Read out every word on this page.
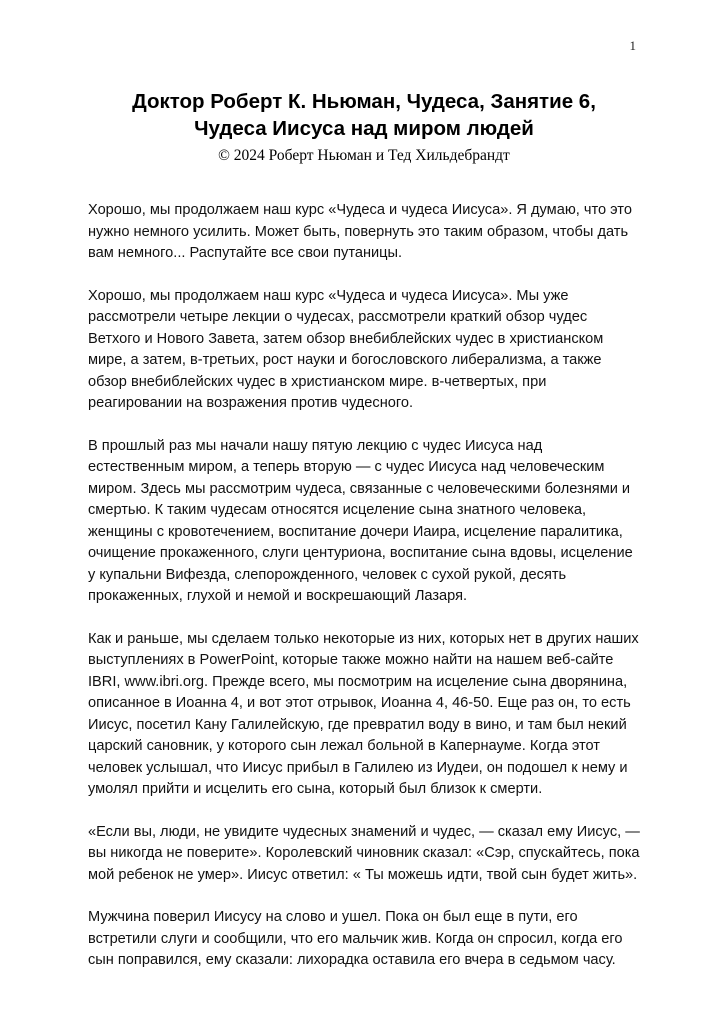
1
Доктор Роберт К. Ньюман, Чудеса, Занятие 6,
Чудеса Иисуса над миром людей
© 2024 Роберт Ньюман и Тед Хильдебрандт

Хорошо, мы продолжаем наш курс «Чудеса и чудеса Иисуса». Я думаю, что это нужно немного усилить. Может быть, повернуть это таким образом, чтобы дать вам немного... Распутайте все свои путаницы.

Хорошо, мы продолжаем наш курс «Чудеса и чудеса Иисуса». Мы уже рассмотрели четыре лекции о чудесах, рассмотрели краткий обзор чудес Ветхого и Нового Завета, затем обзор внебиблейских чудес в христианском мире, а затем, в-третьих, рост науки и богословского либерализма, а также обзор внебиблейских чудес в христианском мире. в-четвертых, при реагировании на возражения против чудесного.

В прошлый раз мы начали нашу пятую лекцию с чудес Иисуса над естественным миром, а теперь вторую — с чудес Иисуса над человеческим миром. Здесь мы рассмотрим чудеса, связанные с человеческими болезнями и смертью. К таким чудесам относятся исцеление сына знатного человека, женщины с кровотечением, воспитание дочери Иаира, исцеление паралитика, очищение прокаженного, слуги центуриона, воспитание сына вдовы, исцеление у купальни Вифезда, слепорожденного, человек с сухой рукой, десять прокаженных, глухой и немой и воскрешающий Лазаря.

Как и раньше, мы сделаем только некоторые из них, которых нет в других наших выступлениях в PowerPoint, которые также можно найти на нашем веб-сайте IBRI, www.ibri.org. Прежде всего, мы посмотрим на исцеление сына дворянина, описанное в Иоанна 4, и вот этот отрывок, Иоанна 4, 46-50. Еще раз он, то есть Иисус, посетил Кану Галилейскую, где превратил воду в вино, и там был некий царский сановник, у которого сын лежал больной в Капернауме. Когда этот человек услышал, что Иисус прибыл в Галилею из Иудеи, он подошел к нему и умолял прийти и исцелить его сына, который был близок к смерти.

«Если вы, люди, не увидите чудесных знамений и чудес, — сказал ему Иисус, — вы никогда не поверите». Королевский чиновник сказал: «Сэр, спускайтесь, пока мой ребенок не умер». Иисус ответил: « Ты можешь идти, твой сын будет жить».

Мужчина поверил Иисусу на слово и ушел. Пока он был еще в пути, его встретили слуги и сообщили, что его мальчик жив. Когда он спросил, когда его сын поправился, ему сказали: лихорадка оставила его вчера в седьмом часу.
